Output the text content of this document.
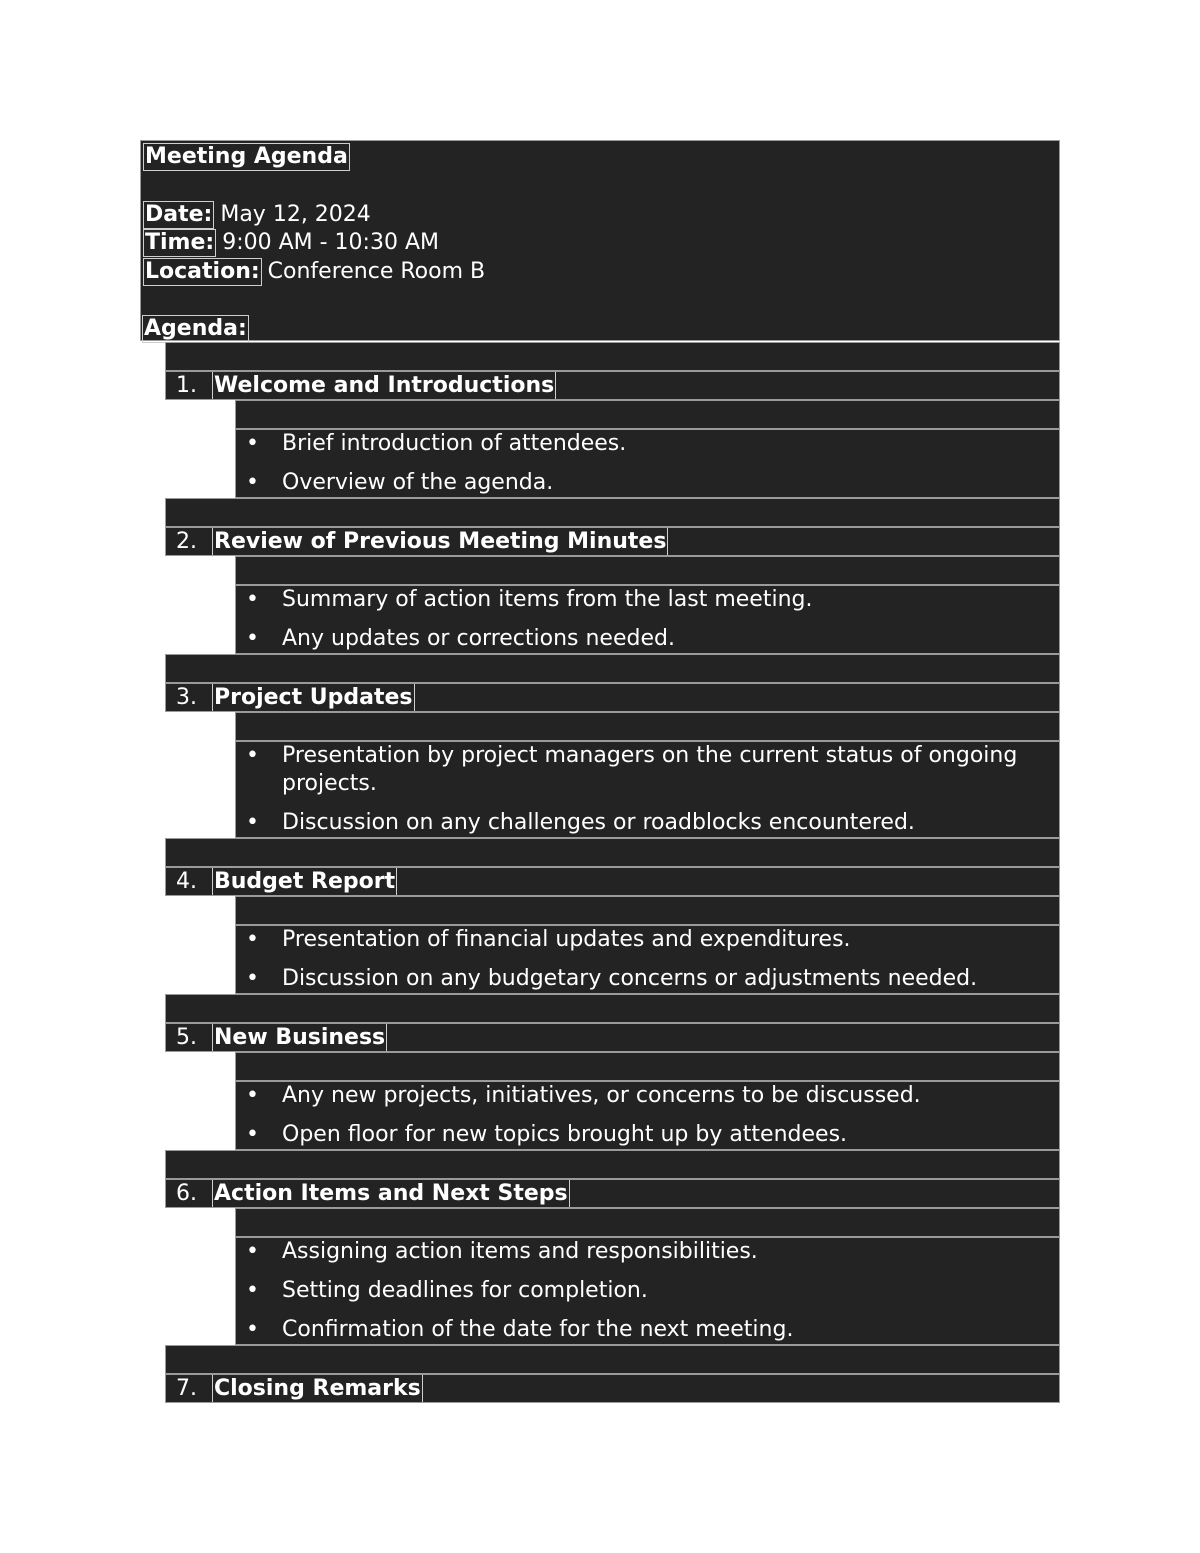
Meeting Agenda
Date: May 12, 2024
Time: 9:00 AM - 10:30 AM
Location: Conference Room B
Agenda:
1. Welcome and Introductions
• Brief introduction of attendees.
• Overview of the agenda.
2. Review of Previous Meeting Minutes
• Summary of action items from the last meeting.
• Any updates or corrections needed.
3. Project Updates
• Presentation by project managers on the current status of ongoing projects.
• Discussion on any challenges or roadblocks encountered.
4. Budget Report
• Presentation of financial updates and expenditures.
• Discussion on any budgetary concerns or adjustments needed.
5. New Business
• Any new projects, initiatives, or concerns to be discussed.
• Open floor for new topics brought up by attendees.
6. Action Items and Next Steps
• Assigning action items and responsibilities.
• Setting deadlines for completion.
• Confirmation of the date for the next meeting.
7. Closing Remarks
